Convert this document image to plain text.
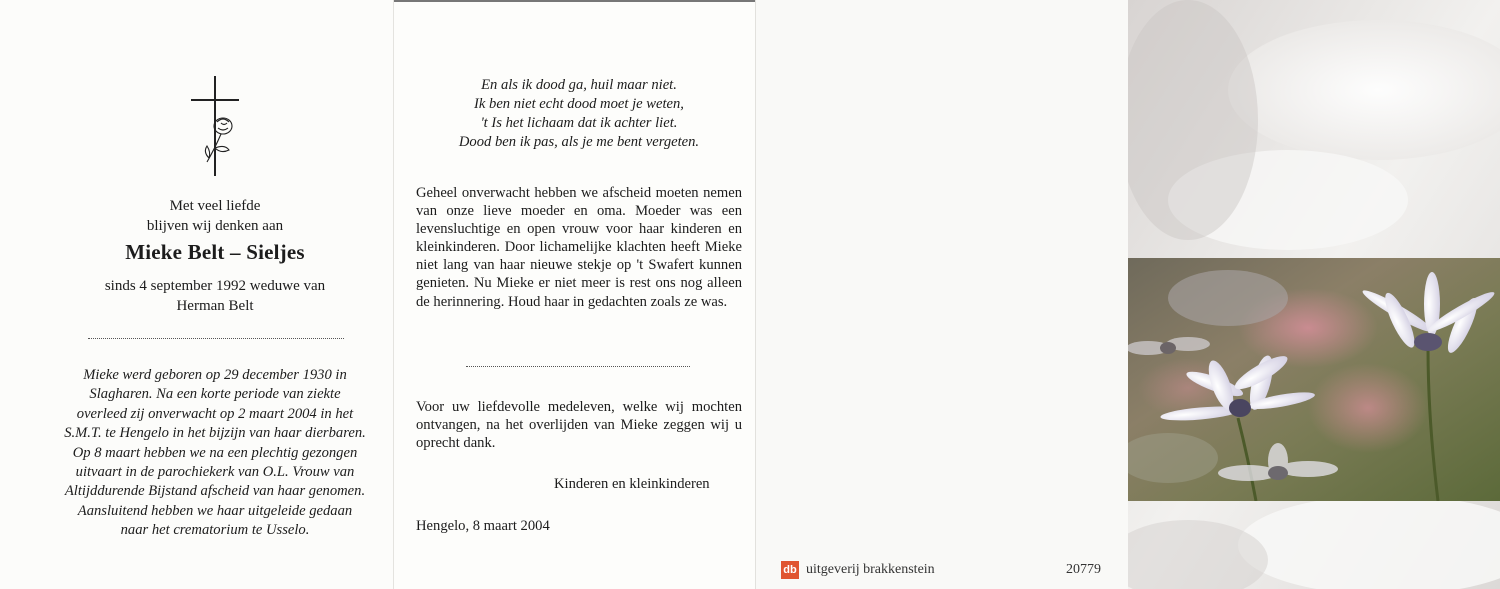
Met veel liefde
blijven wij denken aan
Mieke Belt – Sieljes
sinds 4 september 1992 weduwe van
Herman Belt
Mieke werd geboren op 29 december 1930 in
Slagharen. Na een korte periode van ziekte
overleed zij onverwacht op 2 maart 2004 in het
S.M.T. te Hengelo in het bijzijn van haar dierbaren.
Op 8 maart hebben we na een plechtig gezongen
uitvaart in de parochiekerk van O.L. Vrouw van
Altijddurende Bijstand afscheid van haar genomen.
Aansluitend hebben we haar uitgeleide gedaan
naar het crematorium te Usselo.
En als ik dood ga, huil maar niet.
Ik ben niet echt dood moet je weten,
't Is het lichaam dat ik achter liet.
Dood ben ik pas, als je me bent vergeten.
Geheel onverwacht hebben we afscheid moeten nemen van onze lieve moeder en oma. Moeder was een levensluchtige en open vrouw voor haar kinderen en kleinkinderen. Door lichamelijke klachten heeft Mieke niet lang van haar nieuwe stekje op 't Swafert kunnen genieten. Nu Mieke er niet meer is rest ons nog alleen de herinnering. Houd haar in gedachten zoals ze was.
Voor uw liefdevolle medeleven, welke wij mochten ontvangen, na het overlijden van Mieke zeggen wij u oprecht dank.
Kinderen en kleinkinderen
Hengelo, 8 maart 2004
db uitgeverij brakkenstein	20779
